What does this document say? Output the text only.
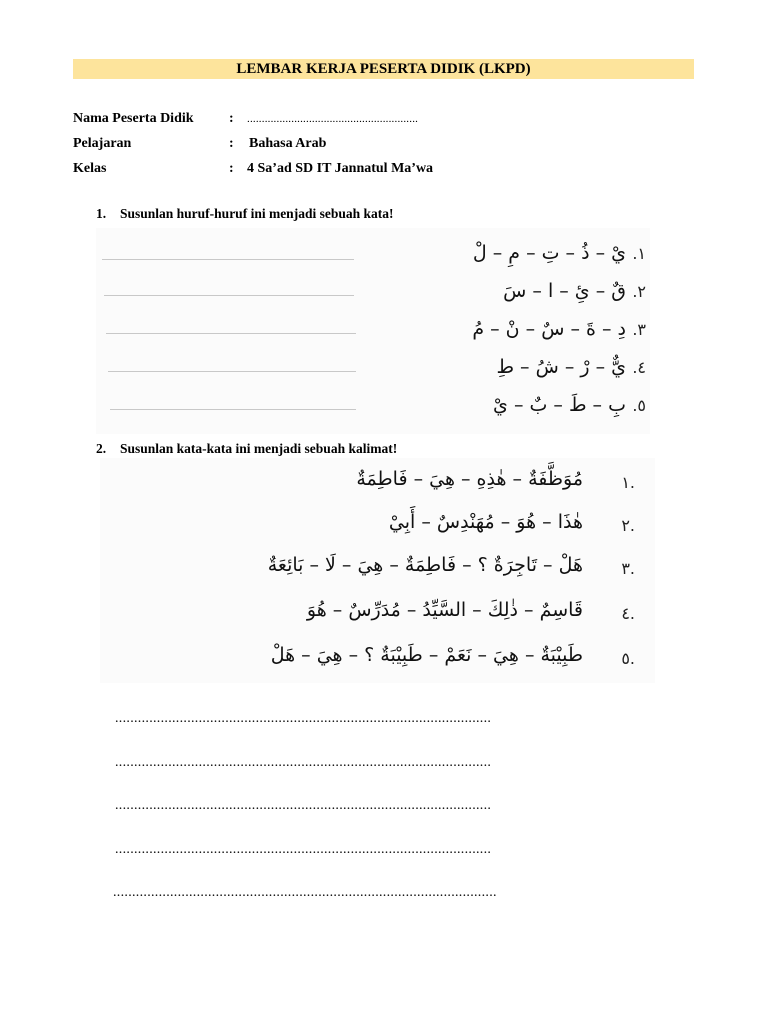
LEMBAR KERJA PESERTA DIDIK (LKPD)
Nama Peserta Didik	: ..........................................................
Pelajaran	: Bahasa Arab
Kelas	: 4 Sa’ad SD IT Jannatul Ma’wa
1. Susunlan huruf-huruf ini menjadi sebuah kata!
١.
يْ – ذُ – تِ – مِ – لْ
٢.
قٌ – ئِ – ا – سَ
٣.
دِ – ةَ – سٌ – نْ – مُ
٤.
يٌّ – رْ – شُ – طِ
٥.
بِ – طَ – بٌ – يْ
2. Susunlan kata-kata ini menjadi sebuah kalimat!
مُوَظَّفَةٌ – هٰذِهِ – هِيَ – فَاطِمَةٌ ١.
هٰذَا – هُوَ – مُهَنْدِسٌ – أَبِيْ ٢.
هَلْ – تَاجِرَةٌ ؟ – فَاطِمَةٌ – هِيَ – لَا – بَائِعَةٌ ٣.
قَاسِمٌ – ذٰلِكَ – السَّيِّدُ – مُدَرِّسٌ – هُوَ ٤.
طَبِيْبَةٌ – هِيَ – نَعَمْ – طَبِيْبَةٌ ؟ – هِيَ – هَلْ ٥.
...................................................................................................
...................................................................................................
...................................................................................................
...................................................................................................
.....................................................................................................
